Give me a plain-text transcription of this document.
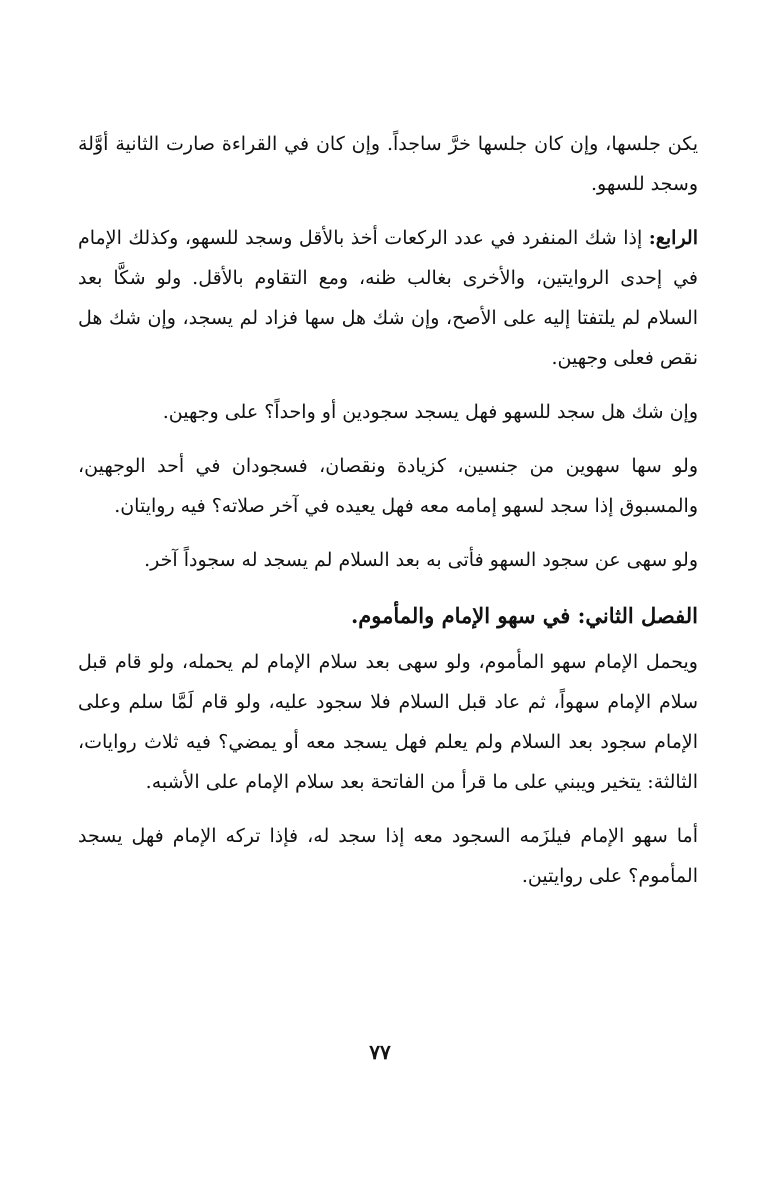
يكن جلسها، وإن كان جلسها خرَّ ساجداً. وإن كان في القراءة صارت الثانية أوَّلة وسجد للسهو.

الرابع: إذا شك المنفرد في عدد الركعات أخذ بالأقل وسجد للسهو، وكذلك الإمام في إحدى الروايتين، والأخرى بغالب ظنه، ومع التقاوم بالأقل. ولو شكَّا بعد السلام لم يلتفتا إليه على الأصح، وإن شك هل سها فزاد لم يسجد، وإن شك هل نقص فعلى وجهين.

وإن شك هل سجد للسهو فهل يسجد سجودين أو واحداً؟ على وجهين.

ولو سها سهوين من جنسين، كزيادة ونقصان، فسجودان في أحد الوجهين، والمسبوق إذا سجد لسهو إمامه معه فهل يعيده في آخر صلاته؟ فيه روايتان.

ولو سهى عن سجود السهو فأتى به بعد السلام لم يسجد له سجوداً آخر.

الفصل الثاني: في سهو الإمام والمأموم.

ويحمل الإمام سهو المأموم، ولو سهى بعد سلام الإمام لم يحمله، ولو قام قبل سلام الإمام سهواً، ثم عاد قبل السلام فلا سجود عليه، ولو قام لَمَّا سلم وعلى الإمام سجود بعد السلام ولم يعلم فهل يسجد معه أو يمضي؟ فيه ثلاث روايات، الثالثة: يتخير ويبني على ما قرأ من الفاتحة بعد سلام الإمام على الأشبه.

أما سهو الإمام فيلزَمه السجود معه إذا سجد له، فإذا تركه الإمام فهل يسجد المأموم؟ على روايتين.

٧٧
